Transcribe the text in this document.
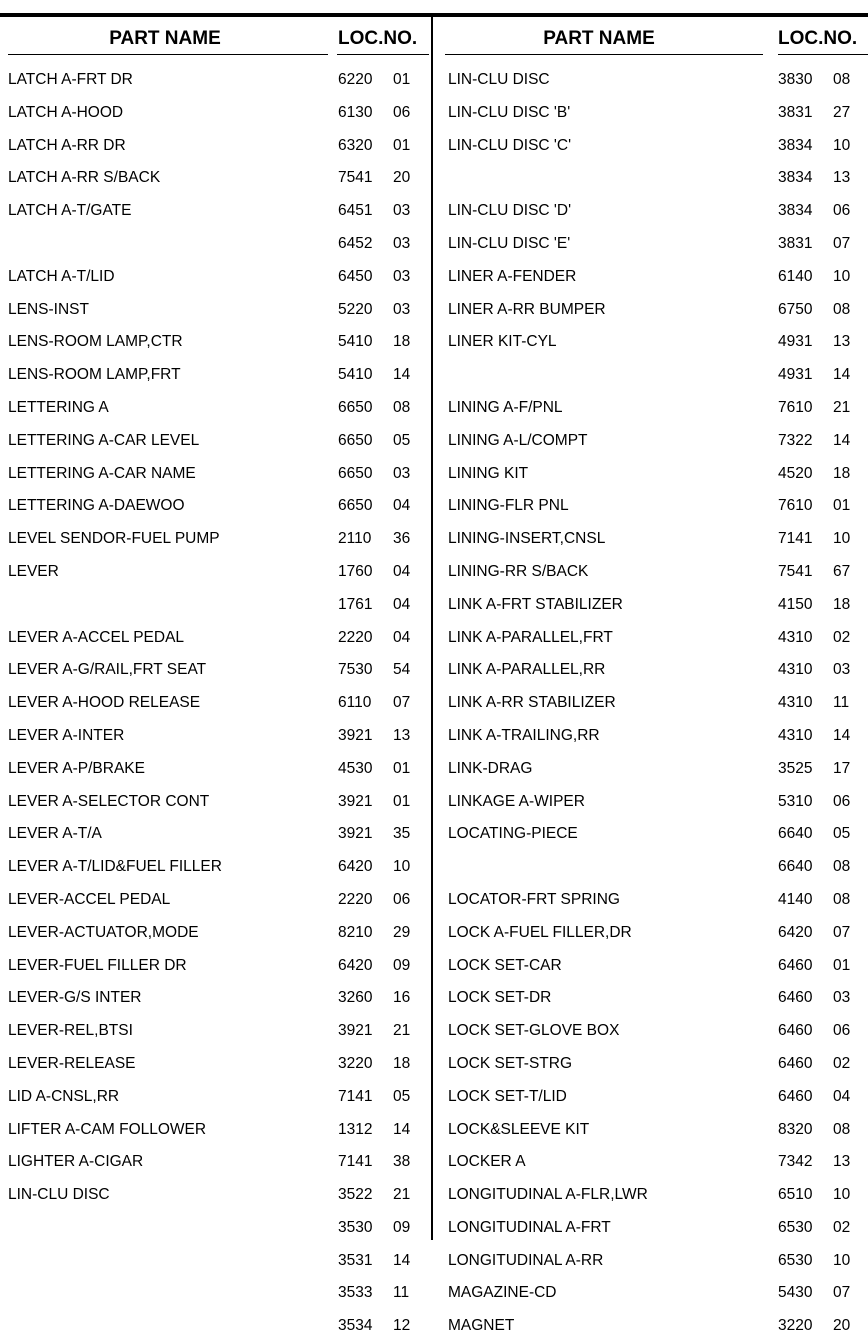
PART NAME	LOC.NO.
LATCH A-FRT DR	6220 01
LATCH A-HOOD	6130 06
LATCH A-RR DR	6320 01
LATCH A-RR S/BACK	7541 20
LATCH A-T/GATE	6451 03
6452 03
LATCH A-T/LID	6450 03
LENS-INST	5220 03
LENS-ROOM LAMP,CTR	5410 18
LENS-ROOM LAMP,FRT	5410 14
LETTERING A	6650 08
LETTERING A-CAR LEVEL	6650 05
LETTERING A-CAR NAME	6650 03
LETTERING A-DAEWOO	6650 04
LEVEL SENDOR-FUEL PUMP	2110 36
LEVER	1760 04
1761 04
LEVER A-ACCEL PEDAL	2220 04
LEVER A-G/RAIL,FRT SEAT	7530 54
LEVER A-HOOD RELEASE	6110 07
LEVER A-INTER	3921 13
LEVER A-P/BRAKE	4530 01
LEVER A-SELECTOR CONT	3921 01
LEVER A-T/A	3921 35
LEVER A-T/LID&FUEL FILLER	6420 10
LEVER-ACCEL PEDAL	2220 06
LEVER-ACTUATOR,MODE	8210 29
LEVER-FUEL FILLER DR	6420 09
LEVER-G/S INTER	3260 16
LEVER-REL,BTSI	3921 21
LEVER-RELEASE	3220 18
LID A-CNSL,RR	7141 05
LIFTER A-CAM FOLLOWER	1312 14
LIGHTER A-CIGAR	7141 38
LIN-CLU DISC	3522 21
3530 09
3531 14
3533 11
3534 12
PART NAME	LOC.NO.
LIN-CLU DISC	3830 08
LIN-CLU DISC 'B'	3831 27
LIN-CLU DISC 'C'	3834 10
3834 13
LIN-CLU DISC 'D'	3834 06
LIN-CLU DISC 'E'	3831 07
LINER A-FENDER	6140 10
LINER A-RR BUMPER	6750 08
LINER KIT-CYL	4931 13
4931 14
LINING A-F/PNL	7610 21
LINING A-L/COMPT	7322 14
LINING KIT	4520 18
LINING-FLR PNL	7610 01
LINING-INSERT,CNSL	7141 10
LINING-RR S/BACK	7541 67
LINK A-FRT STABILIZER	4150 18
LINK A-PARALLEL,FRT	4310 02
LINK A-PARALLEL,RR	4310 03
LINK A-RR STABILIZER	4310 11
LINK A-TRAILING,RR	4310 14
LINK-DRAG	3525 17
LINKAGE A-WIPER	5310 06
LOCATING-PIECE	6640 05
6640 08
LOCATOR-FRT SPRING	4140 08
LOCK A-FUEL FILLER,DR	6420 07
LOCK SET-CAR	6460 01
LOCK SET-DR	6460 03
LOCK SET-GLOVE BOX	6460 06
LOCK SET-STRG	6460 02
LOCK SET-T/LID	6460 04
LOCK&SLEEVE KIT	8320 08
LOCKER A	7342 13
LONGITUDINAL A-FLR,LWR	6510 10
LONGITUDINAL A-FRT	6530 02
LONGITUDINAL A-RR	6530 10
MAGAZINE-CD	5430 07
MAGNET	3220 20
